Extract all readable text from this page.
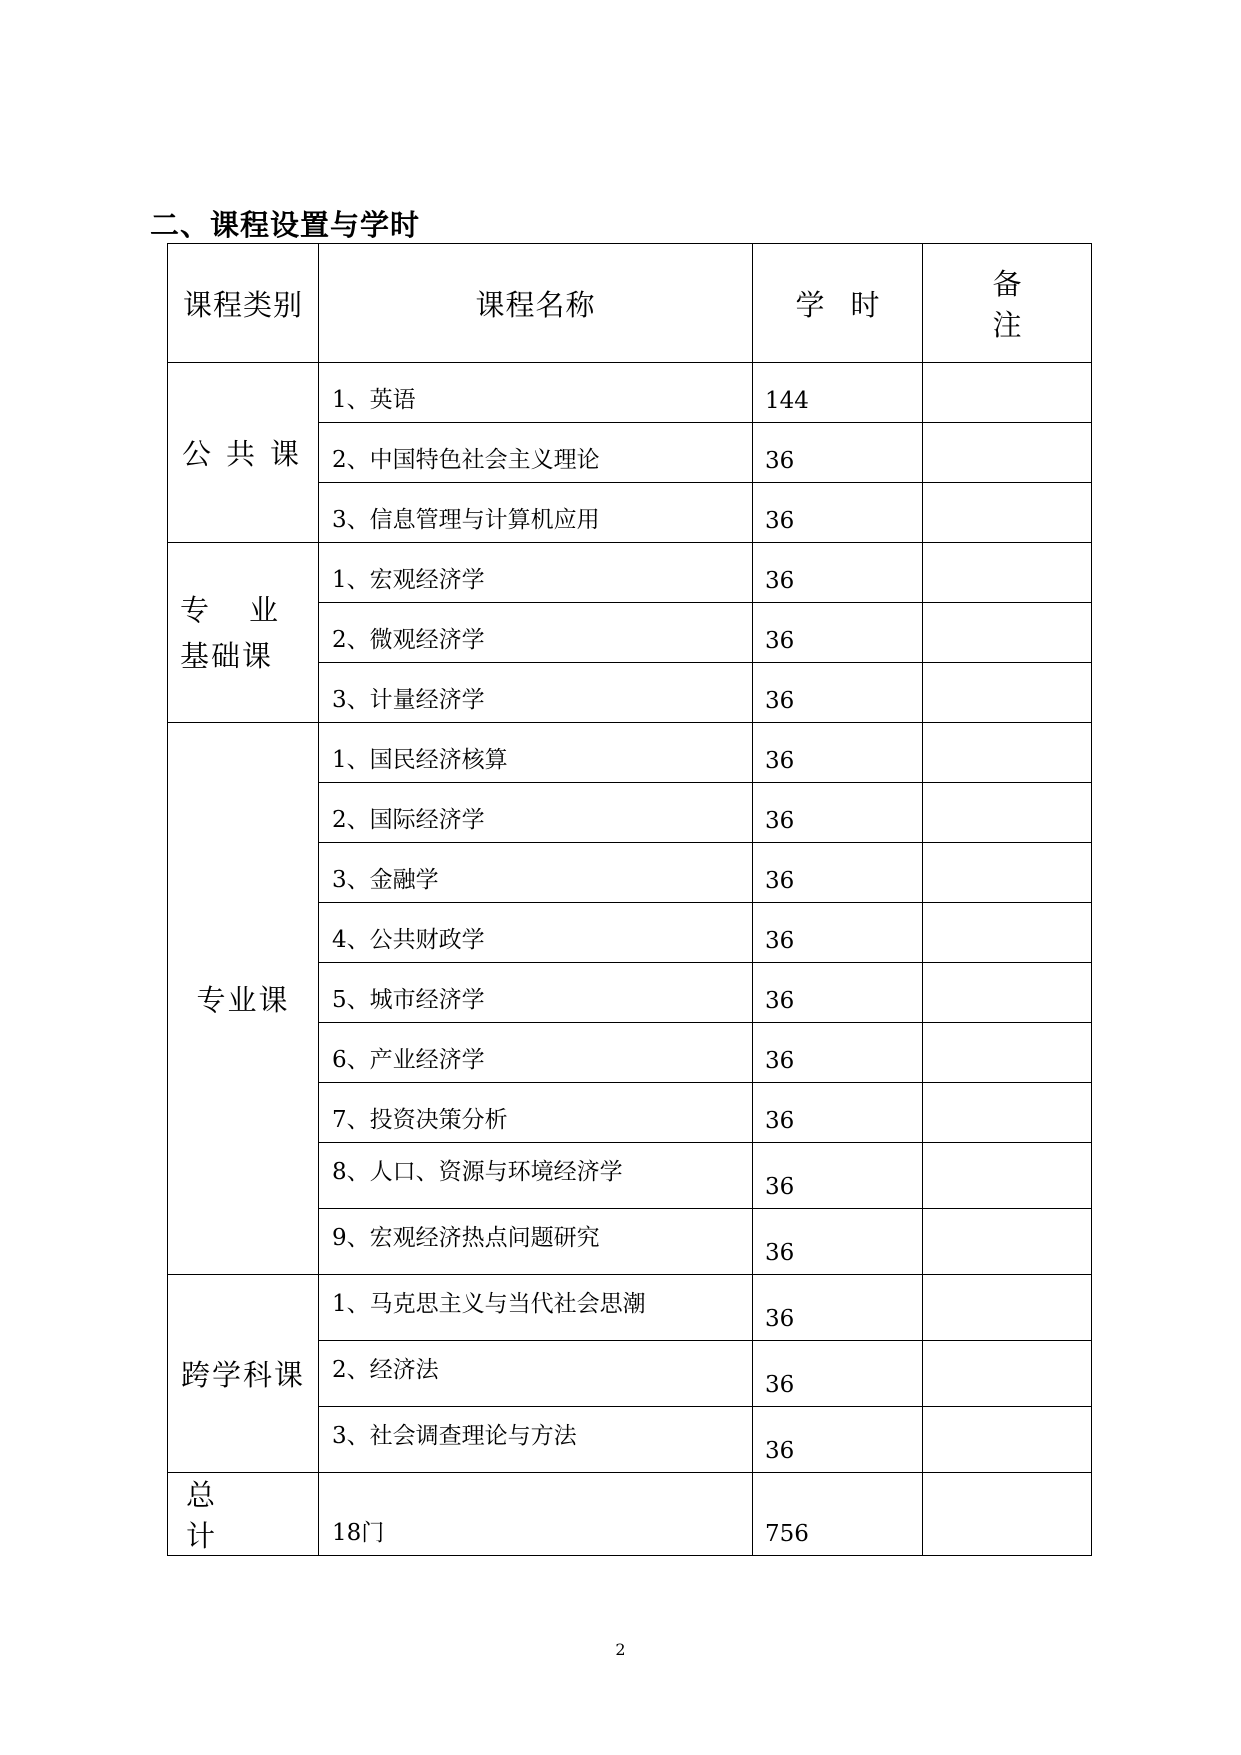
二、课程设置与学时
课程类别	课程名称	学时	备注
公共课	1、英语	144	
	2、中国特色社会主义理论	36	
	3、信息管理与计算机应用	36	

专业
基础课	1、宏观经济学	36	
	2、微观经济学	36	
	3、计量经济学	36	
专业课	1、国民经济核算	36	
	2、国际经济学	36	
	3、金融学	36	
	4、公共财政学	36	
	5、城市经济学	36	
	6、产业经济学	36	
	7、投资决策分析	36	
	8、人口、资源与环境经济学	36	
	9、宏观经济热点问题研究	36	
跨学科课	1、马克思主义与当代社会思潮	36	
	2、经济法	36	
	3、社会调查理论与方法	36	
总计	18门	756	
2
